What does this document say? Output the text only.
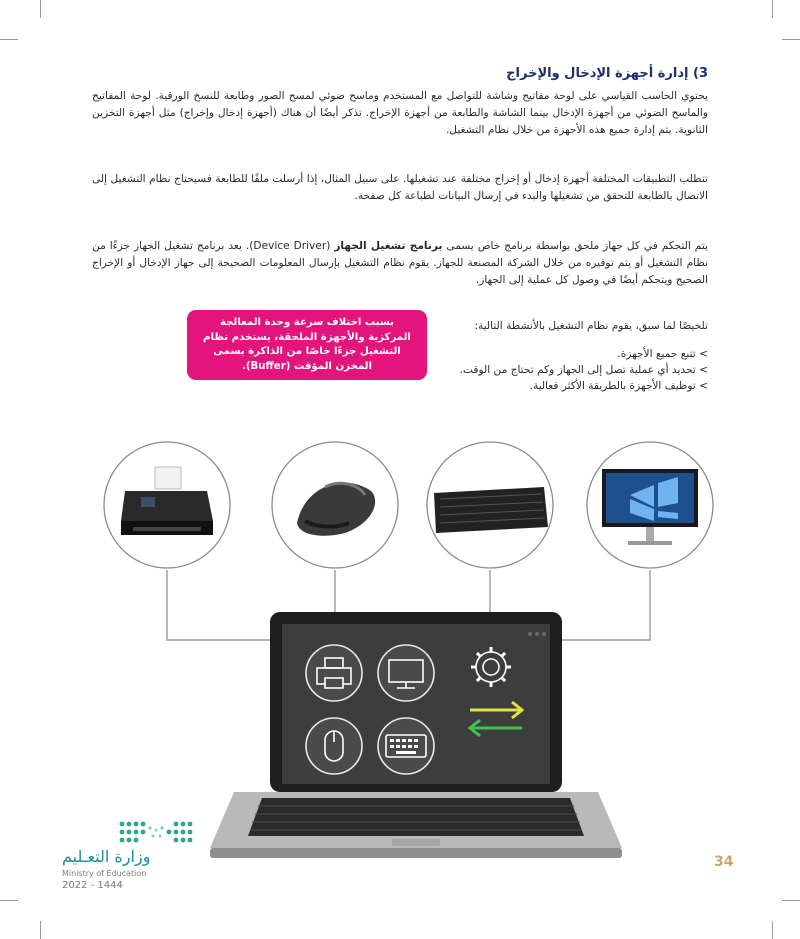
3) إدارة أجهزة الإدخال والإخراج

يحتوي الحاسب القياسي على لوحة مفاتيح وشاشة للتواصل مع المستخدم وماسح ضوئي لمسح الصور وطابعة للنسخ الورقية. لوحة المفاتيح والماسح الضوئي من أجهزة الإدخال بينما الشاشة والطابعة من أجهزة الإخراج. تذكر أيضًا أن هناك (أجهزة إدخال وإخراج) مثل أجهزة التخزين الثانوية. يتم إدارة جميع هذه الأجهزة من خلال نظام التشغيل.

تتطلب التطبيقات المختلفة أجهزة إدخال أو إخراج مختلفة عند تشغيلها. على سبيل المثال، إذا أرسلت ملفًا للطابعة فسيحتاج نظام التشغيل إلى الاتصال بالطابعة للتحقق من تشغيلها والبدء في إرسال البيانات لطباعة كل صفحة.

يتم التحكم في كل جهاز ملحق بواسطة برنامج خاص يسمى برنامج تشغيل الجهاز (Device Driver). يعد برنامج تشغيل الجهاز جزءًا من نظام التشغيل أو يتم توفيره من خلال الشركة المصنعة للجهاز. يقوم نظام التشغيل بإرسال المعلومات الصحيحة إلى جهاز الإدخال أو الإخراج الصحيح ويتحكم أيضًا في وصول كل عملية إلى الجهاز.

تلخيصًا لما سبق، يقوم نظام التشغيل بالأنشطة التالية:

> تتبع جميع الأجهزة.
> تحديد أي عملية تصل إلى الجهاز وكم تحتاج من الوقت.
> توظيف الأجهزة بالطريقة الأكثر فعالية.
بسبب اختلاف سرعة وحدة المعالجة المركزية والأجهزة الملحقة، يستخدم نظام التشغيل جزءًا خاصًا من الذاكرة يسمى المخزن المؤقت (Buffer).
وزارة التعـليم
Ministry of Education
2022 - 1444
34
